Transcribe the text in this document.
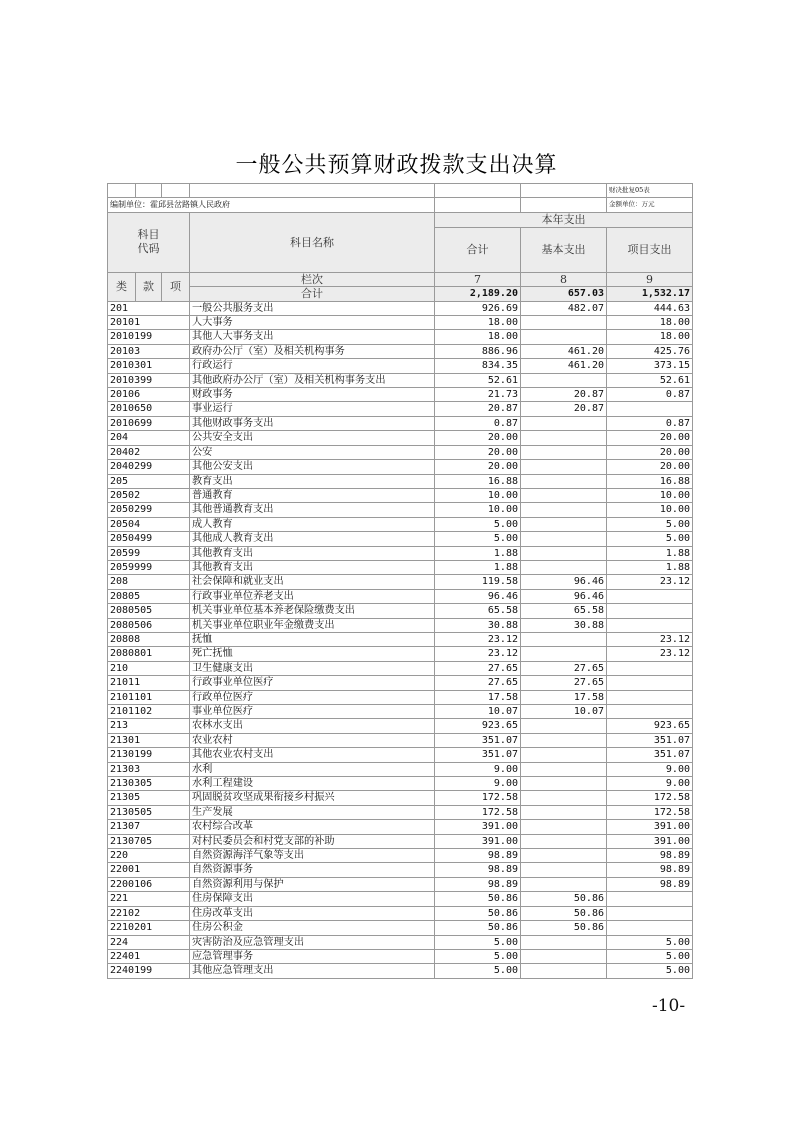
一般公共预算财政拨款支出决算
						财决批复05表
编制单位：霍邱县岔路镇人民政府						金额单位：万元
科目
代码			科目名称	本年支出		
				合计	基本支出	项目支出
类	款	项	栏次	7	8	9
			合计	2,189.20	657.03	1,532.17
201			一般公共服务支出	926.69	482.07	444.63
20101			人大事务	18.00		18.00
2010199			其他人大事务支出	18.00		18.00
20103			政府办公厅（室）及相关机构事务	886.96	461.20	425.76
2010301			行政运行	834.35	461.20	373.15
2010399			其他政府办公厅（室）及相关机构事务支出	52.61		52.61
20106			财政事务	21.73	20.87	0.87
2010650			事业运行	20.87	20.87	
2010699			其他财政事务支出	0.87		0.87
204			公共安全支出	20.00		20.00
20402			公安	20.00		20.00
2040299			其他公安支出	20.00		20.00
205			教育支出	16.88		16.88
20502			普通教育	10.00		10.00
2050299			其他普通教育支出	10.00		10.00
20504			成人教育	5.00		5.00
2050499			其他成人教育支出	5.00		5.00
20599			其他教育支出	1.88		1.88
2059999			其他教育支出	1.88		1.88
208			社会保障和就业支出	119.58	96.46	23.12
20805			行政事业单位养老支出	96.46	96.46	
2080505			机关事业单位基本养老保险缴费支出	65.58	65.58	
2080506			机关事业单位职业年金缴费支出	30.88	30.88	
20808			抚恤	23.12		23.12
2080801			死亡抚恤	23.12		23.12
210			卫生健康支出	27.65	27.65	
21011			行政事业单位医疗	27.65	27.65	
2101101			行政单位医疗	17.58	17.58	
2101102			事业单位医疗	10.07	10.07	
213			农林水支出	923.65		923.65
21301			农业农村	351.07		351.07
2130199			其他农业农村支出	351.07		351.07
21303			水利	9.00		9.00
2130305			水利工程建设	9.00		9.00
21305			巩固脱贫攻坚成果衔接乡村振兴	172.58		172.58
2130505			生产发展	172.58		172.58
21307			农村综合改革	391.00		391.00
2130705			对村民委员会和村党支部的补助	391.00		391.00
220			自然资源海洋气象等支出	98.89		98.89
22001			自然资源事务	98.89		98.89
2200106			自然资源利用与保护	98.89		98.89
221			住房保障支出	50.86	50.86	
22102			住房改革支出	50.86	50.86	
2210201			住房公积金	50.86	50.86	
224			灾害防治及应急管理支出	5.00		5.00
22401			应急管理事务	5.00		5.00
2240199			其他应急管理支出	5.00		5.00
-10-
